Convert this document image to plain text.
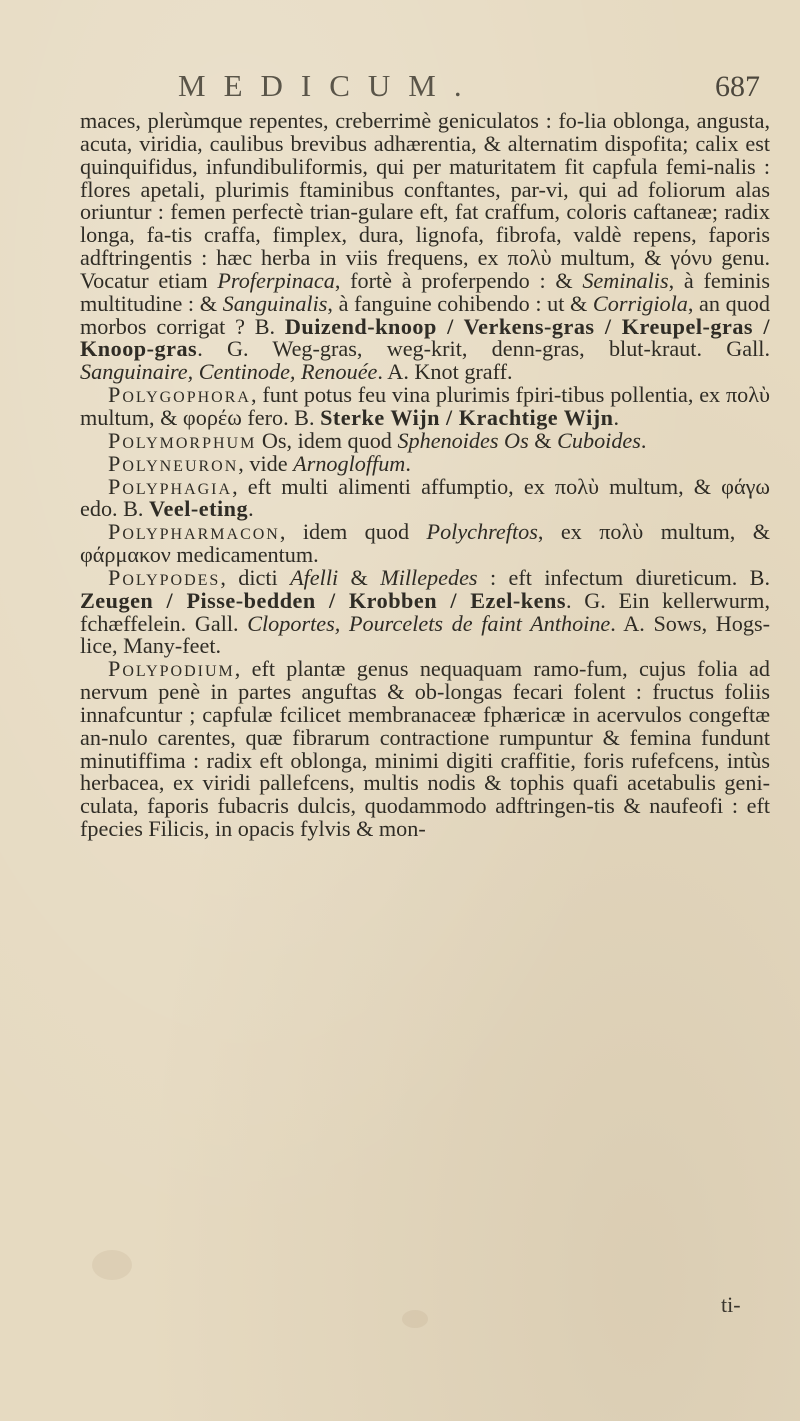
MEDICUM.	687

maces, plerùmque repentes, creberrimè geniculatos : fo-lia oblonga, angusta, acuta, viridia, caulibus brevibus adhærentia, & alternatim dispofita; calix est quinquifidus, infundibuliformis, qui per maturitatem fit capfula femi-nalis : flores apetali, plurimis ftaminibus conftantes, par-vi, qui ad foliorum alas oriuntur : femen perfectè trian-gulare eft, fat craffum, coloris caftaneæ; radix longa, fa-tis craffa, fimplex, dura, lignofa, fibrofa, valdè repens, faporis adftringentis : hæc herba in viis frequens, ex πολὺ multum, & γόνυ genu. Vocatur etiam Proferpinaca, fortè à proferpendo : & Seminalis, à feminis multitudine : & Sanguinalis, à fanguine cohibendo : ut & Corrigiola, an quod morbos corrigat ? B. Duizend-knoop / Verkens-gras / Kreupel-gras / Knoop-gras. G. Weg-gras, weg-krit, denn-gras, blut-kraut. Gall. Sanguinaire, Centinode, Renouée. A. Knot graff.

Polygophora, funt potus feu vina plurimis fpiri-tibus pollentia, ex πολὺ multum, & φορέω fero. B. Sterke Wijn / Krachtige Wijn.

Polymorphum Os, idem quod Sphenoides Os & Cuboides.

Polyneuron, vide Arnogloffum.

Polyphagia, eft multi alimenti affumptio, ex πολὺ multum, & φάγω edo. B. Veel-eting.

Polypharmacon, idem quod Polychreftos, ex πολὺ multum, & φάρμακον medicamentum.

Polypodes, dicti Afelli & Millepedes : eft infectum diureticum. B. Zeugen / Pisse-bedden / Krobben / Ezel-kens. G. Ein kellerwurm, fchæffelein. Gall. Cloportes, Pourcelets de faint Anthoine. A. Sows, Hogs-lice, Many-feet.

Polypodium, eft plantæ genus nequaquam ramo-fum, cujus folia ad nervum penè in partes anguftas & ob-longas fecari folent : fructus foliis innafcuntur ; capfulæ fcilicet membranaceæ fphæricæ in acervulos congeftæ an-nulo carentes, quæ fibrarum contractione rumpuntur & femina fundunt minutiffima : radix eft oblonga, minimi digiti craffitie, foris rufefcens, intùs herbacea, ex viridi pallefcens, multis nodis & tophis quafi acetabulis geni-culata, faporis fubacris dulcis, quodammodo adftringen-tis & naufeofi : eft fpecies Filicis, in opacis fylvis & mon-

ti-
